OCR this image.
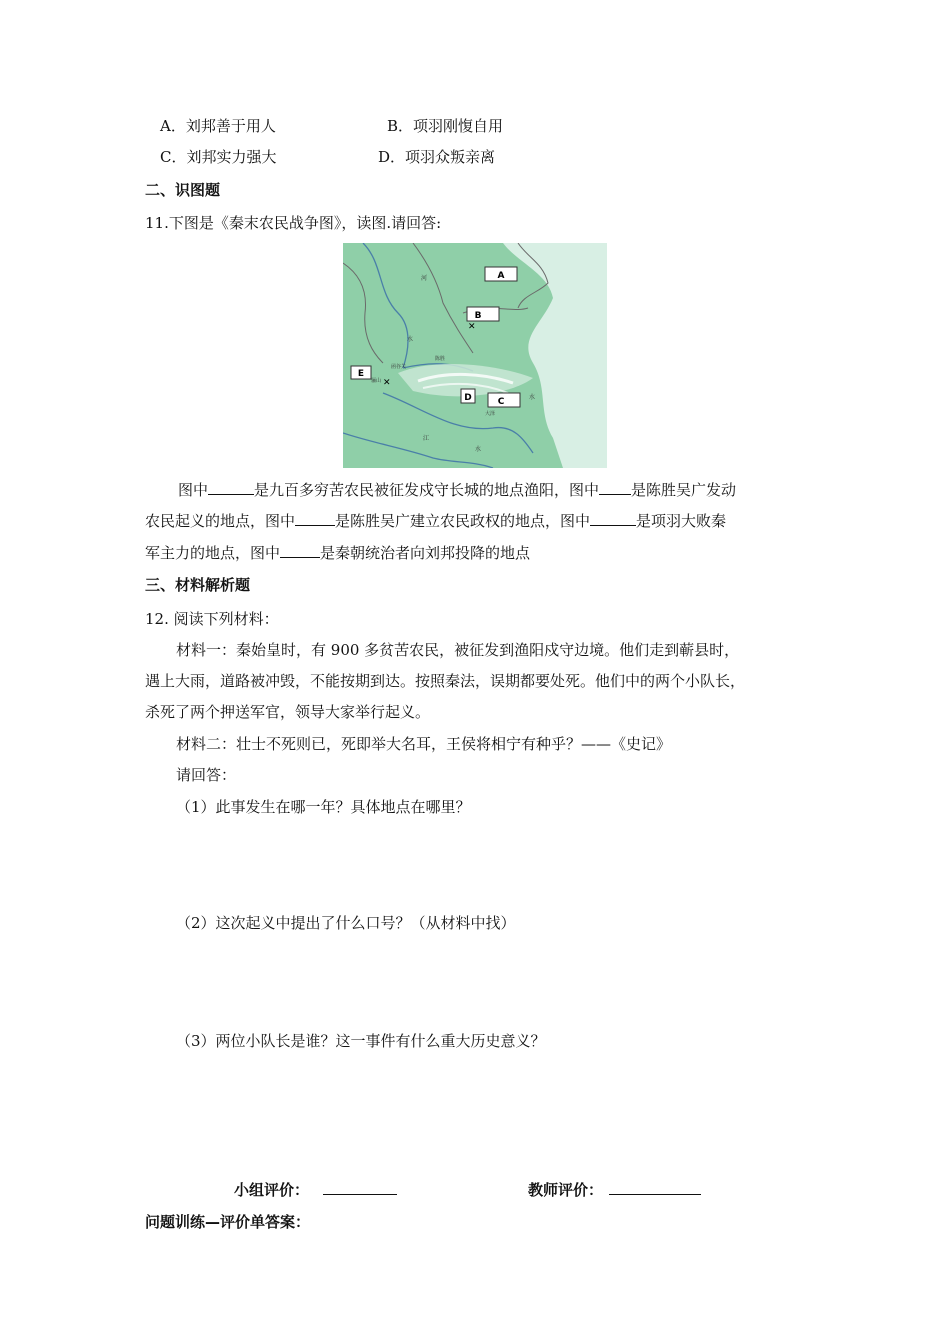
A．刘邦善于用人	B．项羽刚愎自用
C．刘邦实力强大	D．项羽众叛亲离
二、识图题
11.下图是《秦末农民战争图》，读图.请回答:
A
B
C
D
E
✕
✕
河
水
水
水
江
函谷关
骊山
陈胜
大泽
图中	是九百多穷苦农民被征发戍守长城的地点渔阳，图中 是陈胜吴广发动
农民起义的地点，图中	是陈胜吴广建立农民政权的地点，图中	是项羽大败秦
军主力的地点，图中	是秦朝统治者向刘邦投降的地点
三、材料解析题
12. 阅读下列材料：
材料一：秦始皇时，有 900 多贫苦农民，被征发到渔阳戍守边境。他们走到蕲县时，
遇上大雨，道路被冲毁，不能按期到达。按照秦法，误期都要处死。他们中的两个小队长，
杀死了两个押送军官，领导大家举行起义。
材料二：壮士不死则已，死即举大名耳，王侯将相宁有种乎？——《史记》
请回答：
（1）此事发生在哪一年？具体地点在哪里？
（2）这次起义中提出了什么口号？（从材料中找）
（3）两位小队长是谁？这一事件有什么重大历史意义？
小组评价：	教师评价：
问题训练—评价单答案：
